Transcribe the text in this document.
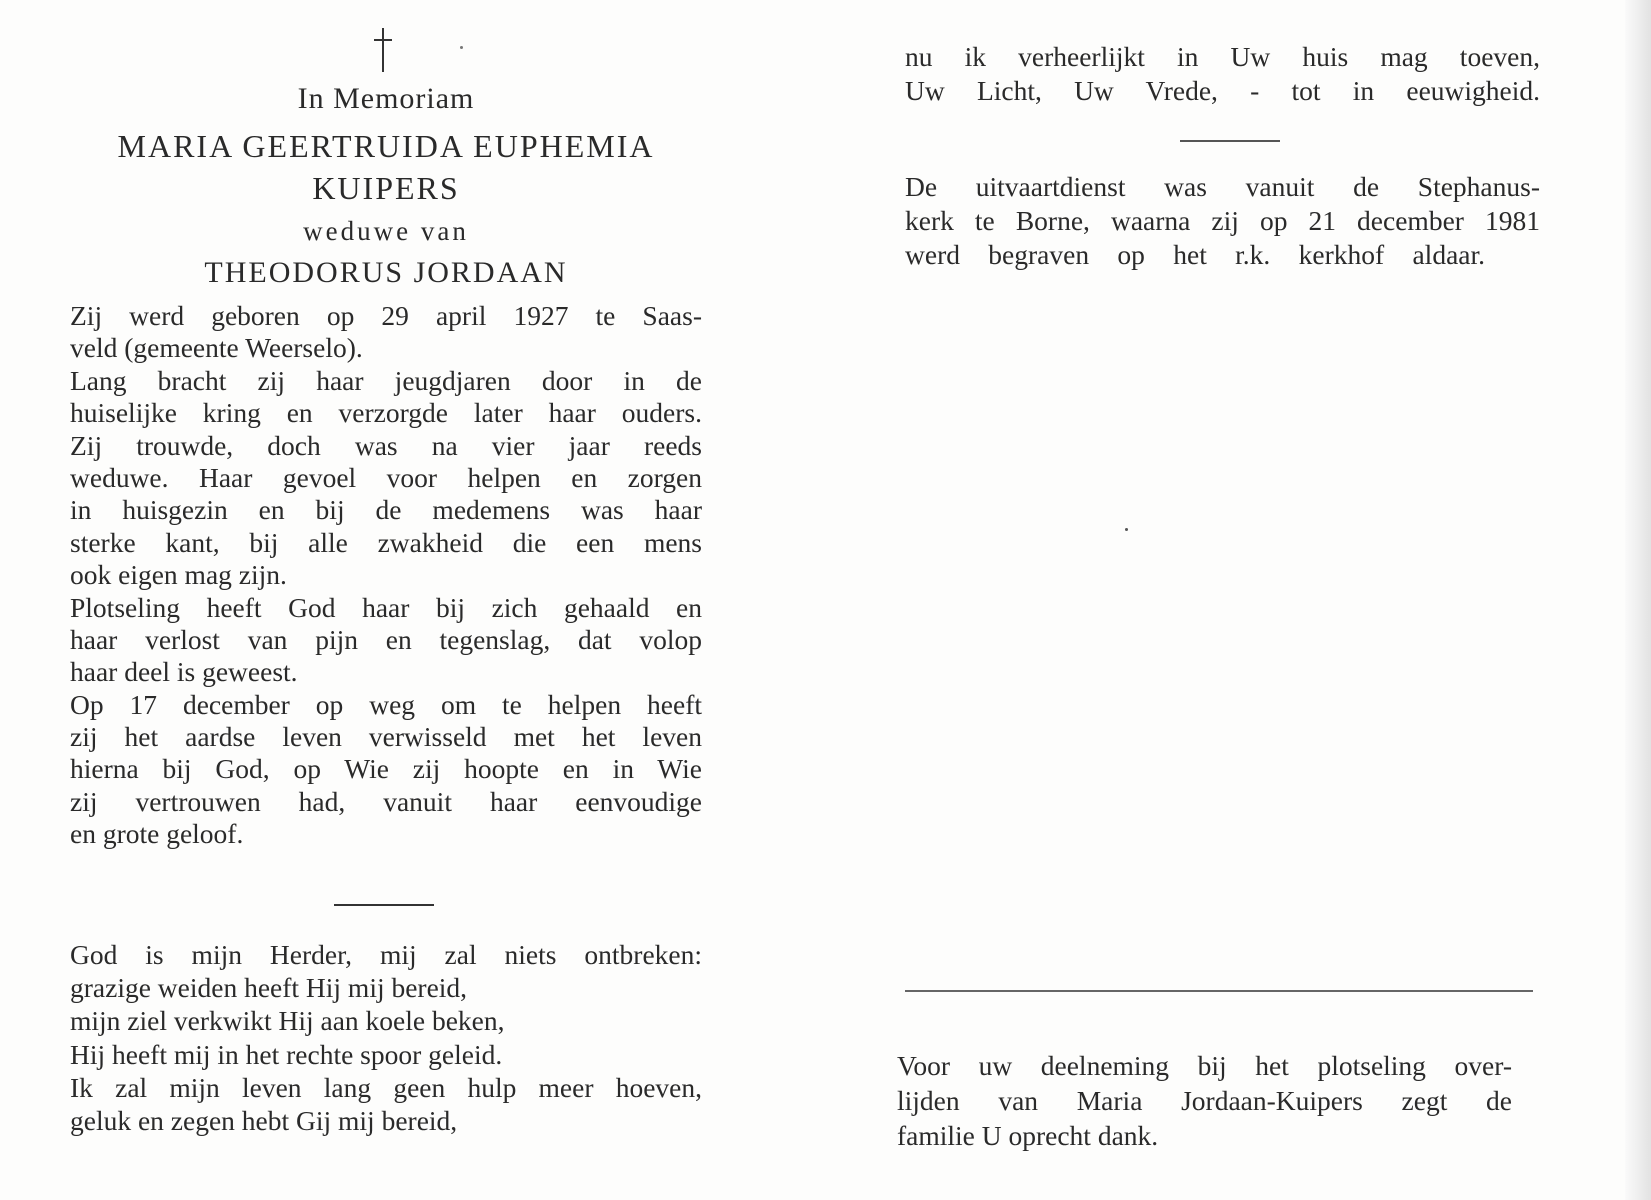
In Memoriam
MARIA GEERTRUIDA EUPHEMIA
KUIPERS
weduwe van
THEODORUS JORDAAN
Zij werd geboren op 29 april 1927 te Saas-
veld (gemeente Weerselo).
Lang bracht zij haar jeugdjaren door in de
huiselijke kring en verzorgde later haar ouders.
Zij trouwde, doch was na vier jaar reeds
weduwe. Haar gevoel voor helpen en zorgen
in huisgezin en bij de medemens was haar
sterke kant, bij alle zwakheid die een mens
ook eigen mag zijn.
Plotseling heeft God haar bij zich gehaald en
haar verlost van pijn en tegenslag, dat volop
haar deel is geweest.
Op 17 december op weg om te helpen heeft
zij het aardse leven verwisseld met het leven
hierna bij God, op Wie zij hoopte en in Wie
zij vertrouwen had, vanuit haar eenvoudige
en grote geloof.
God is mijn Herder, mij zal niets ontbreken:
grazige weiden heeft Hij mij bereid,
mijn ziel verkwikt Hij aan koele beken,
Hij heeft mij in het rechte spoor geleid.
Ik zal mijn leven lang geen hulp meer hoeven,
geluk en zegen hebt Gij mij bereid,
nu ik verheerlijkt in Uw huis mag toeven,
Uw Licht, Uw Vrede, - tot in eeuwigheid.
De uitvaartdienst was vanuit de Stephanus-
kerk te Borne, waarna zij op 21 december 1981
werd begraven op het r.k. kerkhof aldaar.
Voor uw deelneming bij het plotseling over-
lijden van Maria Jordaan-Kuipers zegt de
familie U oprecht dank.
